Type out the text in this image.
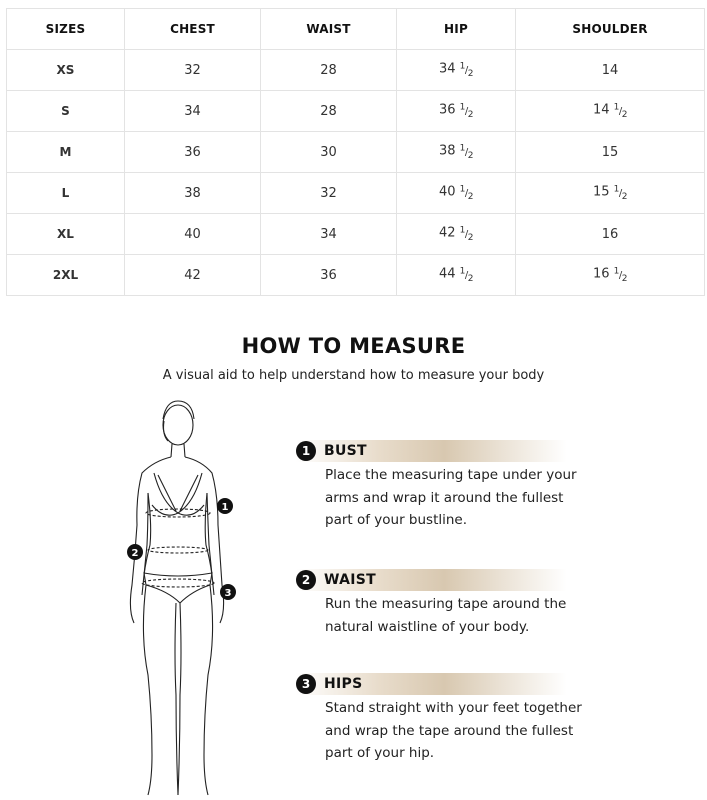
SIZES	CHEST	WAIST	HIP	SHOULDER
XS	32	28	34 $^1/_2$	14
S	34	28	36 $^1/_2$	14 $^1/_2$
M	36	30	38 $^1/_2$	15
L	38	32	40 $^1/_2$	15 $^1/_2$
XL	40	34	42 $^1/_2$	16
2XL	42	36	44 $^1/_2$	16 $^1/_2$
HOW TO MEASURE
A visual aid to help understand how to measure your body
1
2
3
1 BUST
Place the measuring tape under your
arms and wrap it around the fullest
part of your bustline.
2 WAIST
Run the measuring tape around the
natural waistline of your body.
3 HIPS
Stand straight with your feet together
and wrap the tape around the fullest
part of your hip.
